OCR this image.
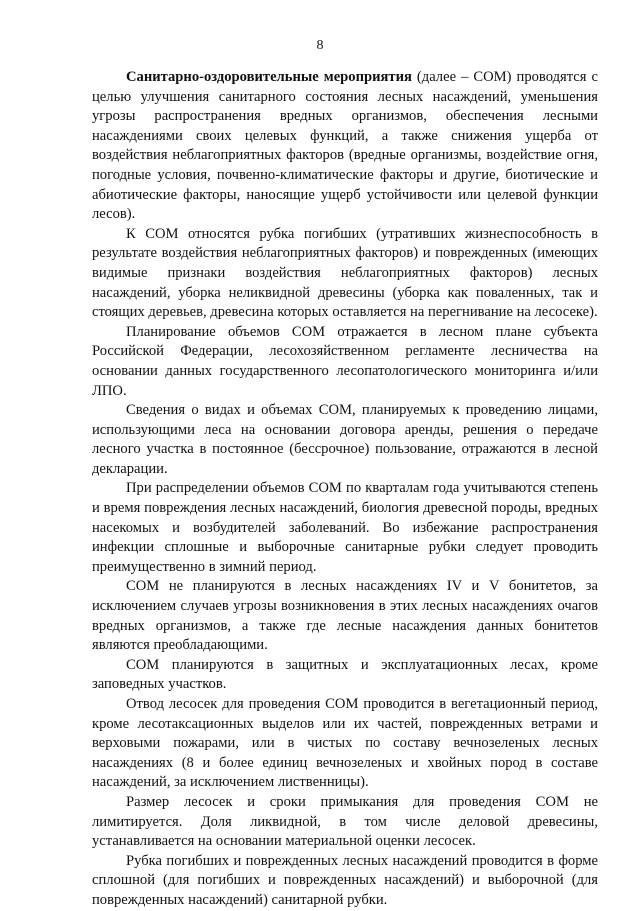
8

Санитарно-оздоровительные мероприятия (далее – СОМ) проводятся с целью улучшения санитарного состояния лесных насаждений, уменьшения угрозы распространения вредных организмов, обеспечения лесными насаждениями своих целевых функций, а также снижения ущерба от воздействия неблагоприятных факторов (вредные организмы, воздействие огня, погодные условия, почвенно-климатические факторы и другие, биотические и абиотические факторы, наносящие ущерб устойчивости или целевой функции лесов).

К СОМ относятся рубка погибших (утративших жизнеспособность в результате воздействия неблагоприятных факторов) и поврежденных (имеющих видимые признаки воздействия неблагоприятных факторов) лесных насаждений, уборка неликвидной древесины (уборка как поваленных, так и стоящих деревьев, древесина которых оставляется на перегнивание на лесосеке).

Планирование объемов СОМ отражается в лесном плане субъекта Российской Федерации, лесохозяйственном регламенте лесничества на основании данных государственного лесопатологического мониторинга и/или ЛПО.

Сведения о видах и объемах СОМ, планируемых к проведению лицами, использующими леса на основании договора аренды, решения о передаче лесного участка в постоянное (бессрочное) пользование, отражаются в лесной декларации.

При распределении объемов СОМ по кварталам года учитываются степень и время повреждения лесных насаждений, биология древесной породы, вредных насекомых и возбудителей заболеваний. Во избежание распространения инфекции сплошные и выборочные санитарные рубки следует проводить преимущественно в зимний период.

СОМ не планируются в лесных насаждениях IV и V бонитетов, за исключением случаев угрозы возникновения в этих лесных насаждениях очагов вредных организмов, а также где лесные насаждения данных бонитетов являются преобладающими.

СОМ планируются в защитных и эксплуатационных лесах, кроме заповедных участков.

Отвод лесосек для проведения СОМ проводится в вегетационный период, кроме лесотаксационных выделов или их частей, поврежденных ветрами и верховыми пожарами, или в чистых по составу вечнозеленых лесных насаждениях (8 и более единиц вечнозеленых и хвойных пород в составе насаждений, за исключением лиственницы).

Размер лесосек и сроки примыкания для проведения СОМ не лимитируется. Доля ликвидной, в том числе деловой древесины, устанавливается на основании материальной оценки лесосек.

Рубка погибших и поврежденных лесных насаждений проводится в форме сплошной (для погибших и поврежденных насаждений) и выборочной (для поврежденных насаждений) санитарной рубки.
